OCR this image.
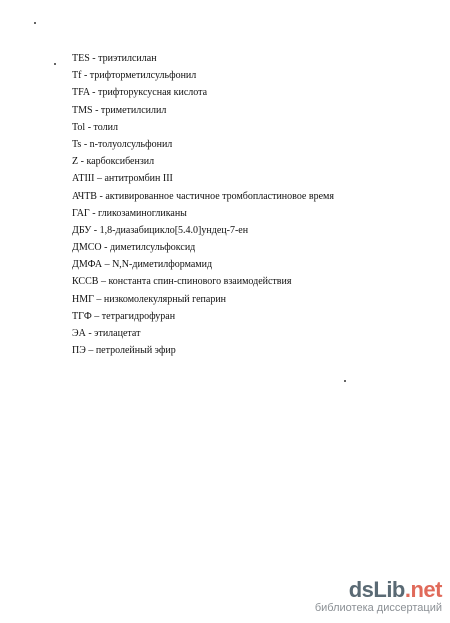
TES - триэтилсилан
Tf - трифторметилсульфонил
TFA - трифторуксусная кислота
TMS - триметилсилил
Tol - толил
Ts - n-толуолсульфонил
Z - карбоксибензил
АТIII – антитромбин III
АЧТВ - активированное частичное тромбопластиновое время
ГАГ - гликозаминогликаны
ДБУ - 1,8-диазабицикло[5.4.0]ундец-7-ен
ДМСО - диметилсульфоксид
ДМФА – N,N-диметилформамид
КССВ – константа спин-спинового взаимодействия
НМГ – низкомолекулярный гепарин
ТГФ – тетрагидрофуран
ЭА - этилацетат
ПЭ – петролейный эфир
dsLib.net
библиотека диссертаций
